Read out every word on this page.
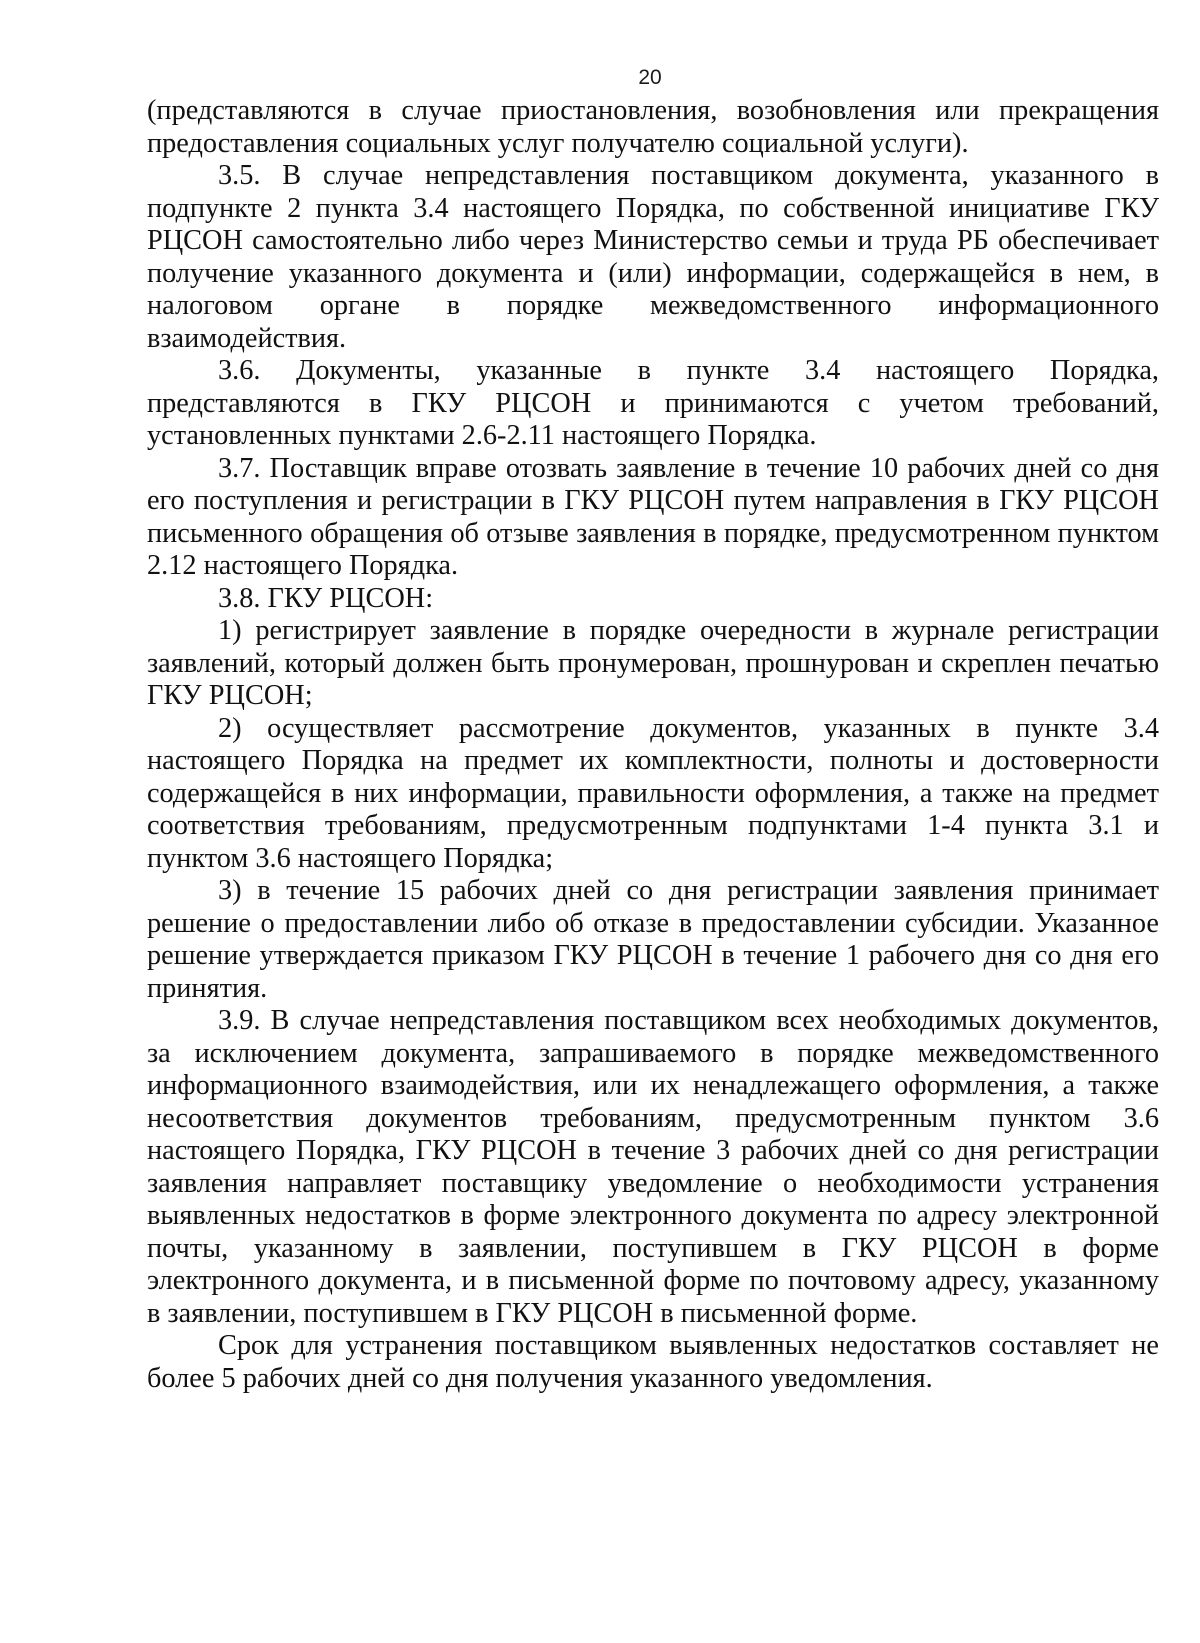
20

(представляются в случае приостановления, возобновления или прекращения предоставления социальных услуг получателю социальной услуги).

3.5. В случае непредставления поставщиком документа, указанного в подпункте 2 пункта 3.4 настоящего Порядка, по собственной инициативе ГКУ РЦСОН самостоятельно либо через Министерство семьи и труда РБ обеспечивает получение указанного документа и (или) информации, содержащейся в нем, в налоговом органе в порядке межведомственного информационного взаимодействия.

3.6. Документы, указанные в пункте 3.4 настоящего Порядка, представляются в ГКУ РЦСОН и принимаются с учетом требований, установленных пунктами 2.6-2.11 настоящего Порядка.

3.7. Поставщик вправе отозвать заявление в течение 10 рабочих дней со дня его поступления и регистрации в ГКУ РЦСОН путем направления в ГКУ РЦСОН письменного обращения об отзыве заявления в порядке, предусмотренном пунктом 2.12 настоящего Порядка.

3.8. ГКУ РЦСОН:

1) регистрирует заявление в порядке очередности в журнале регистрации заявлений, который должен быть пронумерован, прошнурован и скреплен печатью ГКУ РЦСОН;

2) осуществляет рассмотрение документов, указанных в пункте 3.4 настоящего Порядка на предмет их комплектности, полноты и достоверности содержащейся в них информации, правильности оформления, а также на предмет соответствия требованиям, предусмотренным подпунктами 1-4 пункта 3.1 и пунктом 3.6 настоящего Порядка;

3) в течение 15 рабочих дней со дня регистрации заявления принимает решение о предоставлении либо об отказе в предоставлении субсидии. Указанное решение утверждается приказом ГКУ РЦСОН в течение 1 рабочего дня со дня его принятия.

3.9. В случае непредставления поставщиком всех необходимых документов, за исключением документа, запрашиваемого в порядке межведомственного информационного взаимодействия, или их ненадлежащего оформления, а также несоответствия документов требованиям, предусмотренным пунктом 3.6 настоящего Порядка, ГКУ РЦСОН в течение 3 рабочих дней со дня регистрации заявления направляет поставщику уведомление о необходимости устранения выявленных недостатков в форме электронного документа по адресу электронной почты, указанному в заявлении, поступившем в ГКУ РЦСОН в форме электронного документа, и в письменной форме по почтовому адресу, указанному в заявлении, поступившем в ГКУ РЦСОН в письменной форме.

Срок для устранения поставщиком выявленных недостатков составляет не более 5 рабочих дней со дня получения указанного уведомления.
